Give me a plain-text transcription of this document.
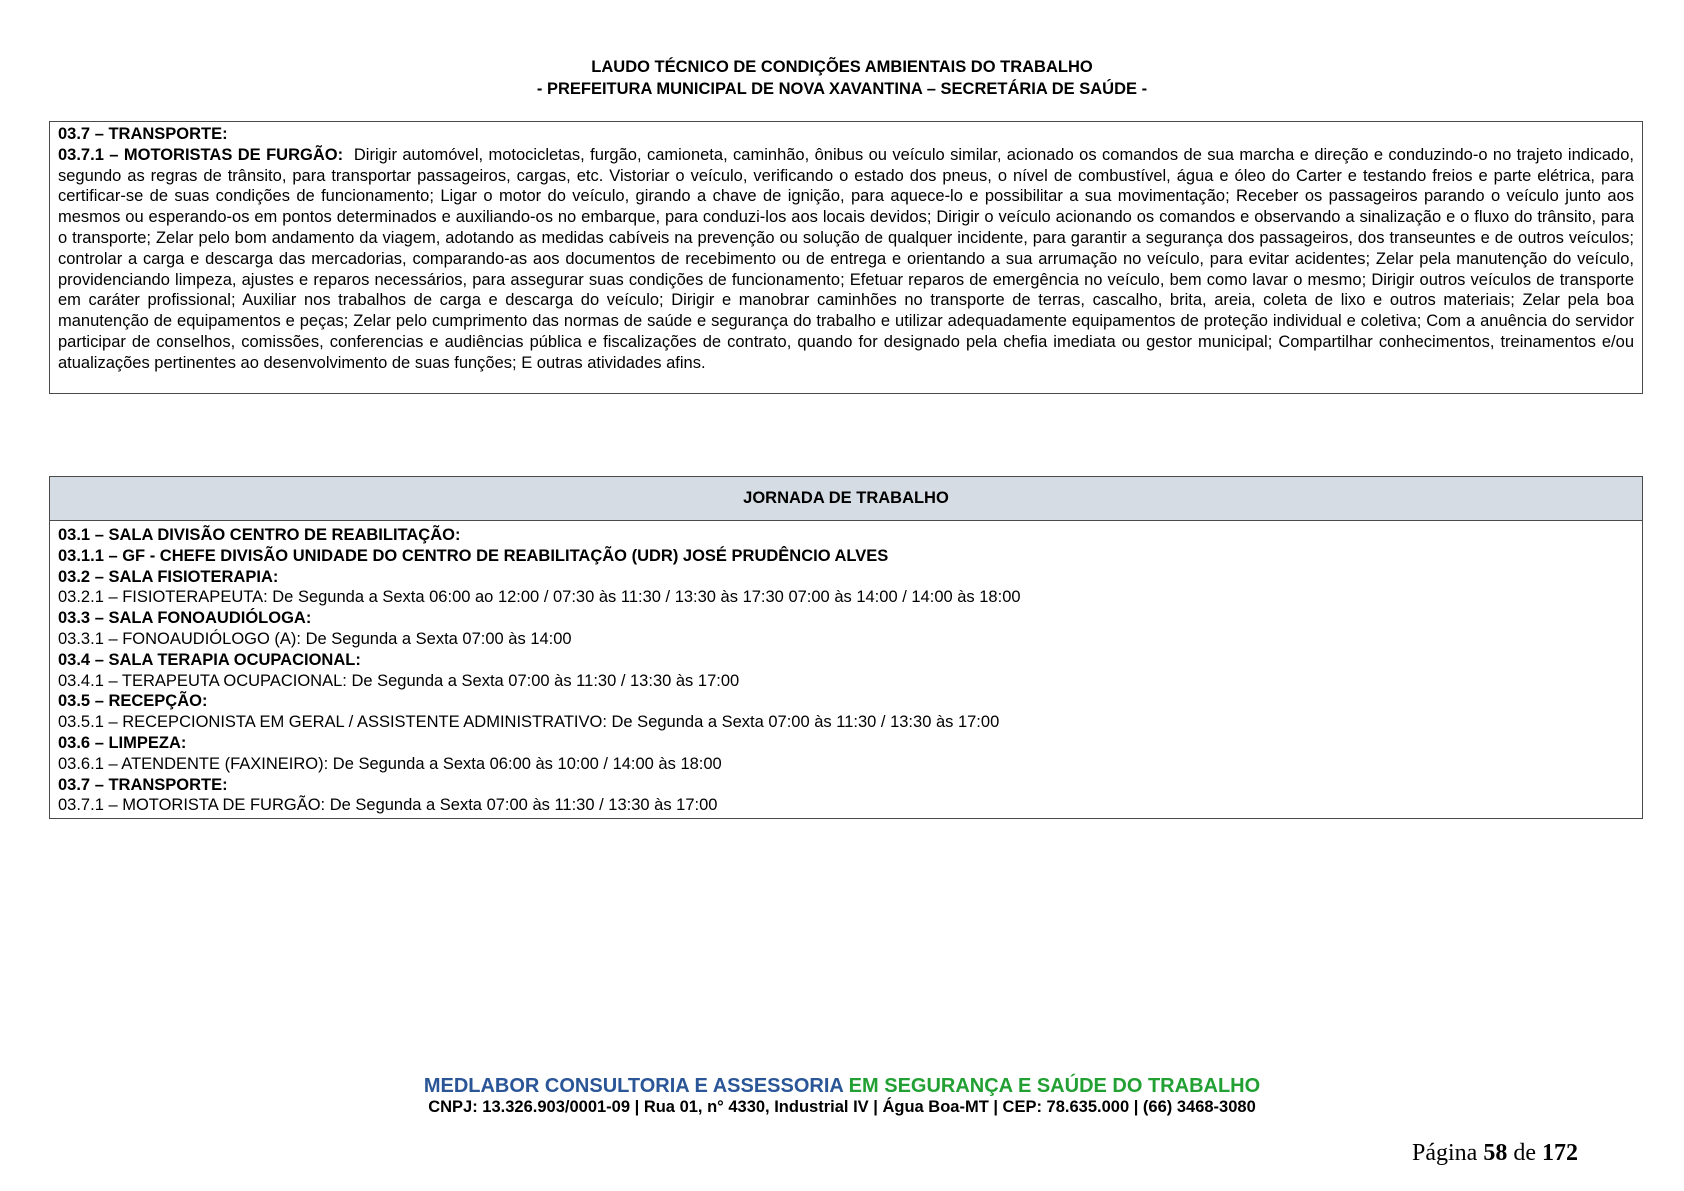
LAUDO TÉCNICO DE CONDIÇÕES AMBIENTAIS DO TRABALHO
- PREFEITURA MUNICIPAL DE NOVA XAVANTINA – SECRETÁRIA DE SAÚDE -

03.7 – TRANSPORTE:

03.7.1 – MOTORISTAS DE FURGÃO: Dirigir automóvel, motocicletas, furgão, camioneta, caminhão, ônibus ou veículo similar, acionado os comandos de sua marcha e direção e conduzindo-o no trajeto indicado, segundo as regras de trânsito, para transportar passageiros, cargas, etc. Vistoriar o veículo, verificando o estado dos pneus, o nível de combustível, água e óleo do Carter e testando freios e parte elétrica, para certificar-se de suas condições de funcionamento; Ligar o motor do veículo, girando a chave de ignição, para aquece-lo e possibilitar a sua movimentação; Receber os passageiros parando o veículo junto aos mesmos ou esperando-os em pontos determinados e auxiliando-os no embarque, para conduzi-los aos locais devidos; Dirigir o veículo acionando os comandos e observando a sinalização e o fluxo do trânsito, para o transporte; Zelar pelo bom andamento da viagem, adotando as medidas cabíveis na prevenção ou solução de qualquer incidente, para garantir a segurança dos passageiros, dos transeuntes e de outros veículos; controlar a carga e descarga das mercadorias, comparando-as aos documentos de recebimento ou de entrega e orientando a sua arrumação no veículo, para evitar acidentes; Zelar pela manutenção do veículo, providenciando limpeza, ajustes e reparos necessários, para assegurar suas condições de funcionamento; Efetuar reparos de emergência no veículo, bem como lavar o mesmo; Dirigir outros veículos de transporte em caráter profissional; Auxiliar nos trabalhos de carga e descarga do veículo; Dirigir e manobrar caminhões no transporte de terras, cascalho, brita, areia, coleta de lixo e outros materiais; Zelar pela boa manutenção de equipamentos e peças; Zelar pelo cumprimento das normas de saúde e segurança do trabalho e utilizar adequadamente equipamentos de proteção individual e coletiva; Com a anuência do servidor participar de conselhos, comissões, conferencias e audiências pública e fiscalizações de contrato, quando for designado pela chefia imediata ou gestor municipal; Compartilhar conhecimentos, treinamentos e/ou atualizações pertinentes ao desenvolvimento de suas funções; E outras atividades afins.

JORNADA DE TRABALHO
03.1 – SALA DIVISÃO CENTRO DE REABILITAÇÃO:
03.1.1 – GF - CHEFE DIVISÃO UNIDADE DO CENTRO DE REABILITAÇÃO (UDR) JOSÉ PRUDÊNCIO ALVES
03.2 – SALA FISIOTERAPIA:
03.2.1 – FISIOTERAPEUTA: De Segunda a Sexta 06:00 ao 12:00 / 07:30 às 11:30 / 13:30 às 17:30 07:00 às 14:00 / 14:00 às 18:00
03.3 – SALA FONOAUDIÓLOGA:
03.3.1 – FONOAUDIÓLOGO (A): De Segunda a Sexta 07:00 às 14:00
03.4 – SALA TERAPIA OCUPACIONAL:
03.4.1 – TERAPEUTA OCUPACIONAL: De Segunda a Sexta 07:00 às 11:30 / 13:30 às 17:00
03.5 – RECEPÇÃO:
03.5.1 – RECEPCIONISTA EM GERAL / ASSISTENTE ADMINISTRATIVO: De Segunda a Sexta 07:00 às 11:30 / 13:30 às 17:00
03.6 – LIMPEZA:
03.6.1 – ATENDENTE (FAXINEIRO): De Segunda a Sexta 06:00 às 10:00 / 14:00 às 18:00
03.7 – TRANSPORTE:
03.7.1 – MOTORISTA DE FURGÃO: De Segunda a Sexta 07:00 às 11:30 / 13:30 às 17:00
MEDLABOR CONSULTORIA E ASSESSORIA EM SEGURANÇA E SAÚDE DO TRABALHO
CNPJ: 13.326.903/0001-09 | Rua 01, n° 4330, Industrial IV | Água Boa-MT | CEP: 78.635.000 | (66) 3468-3080
Página 58 de 172
